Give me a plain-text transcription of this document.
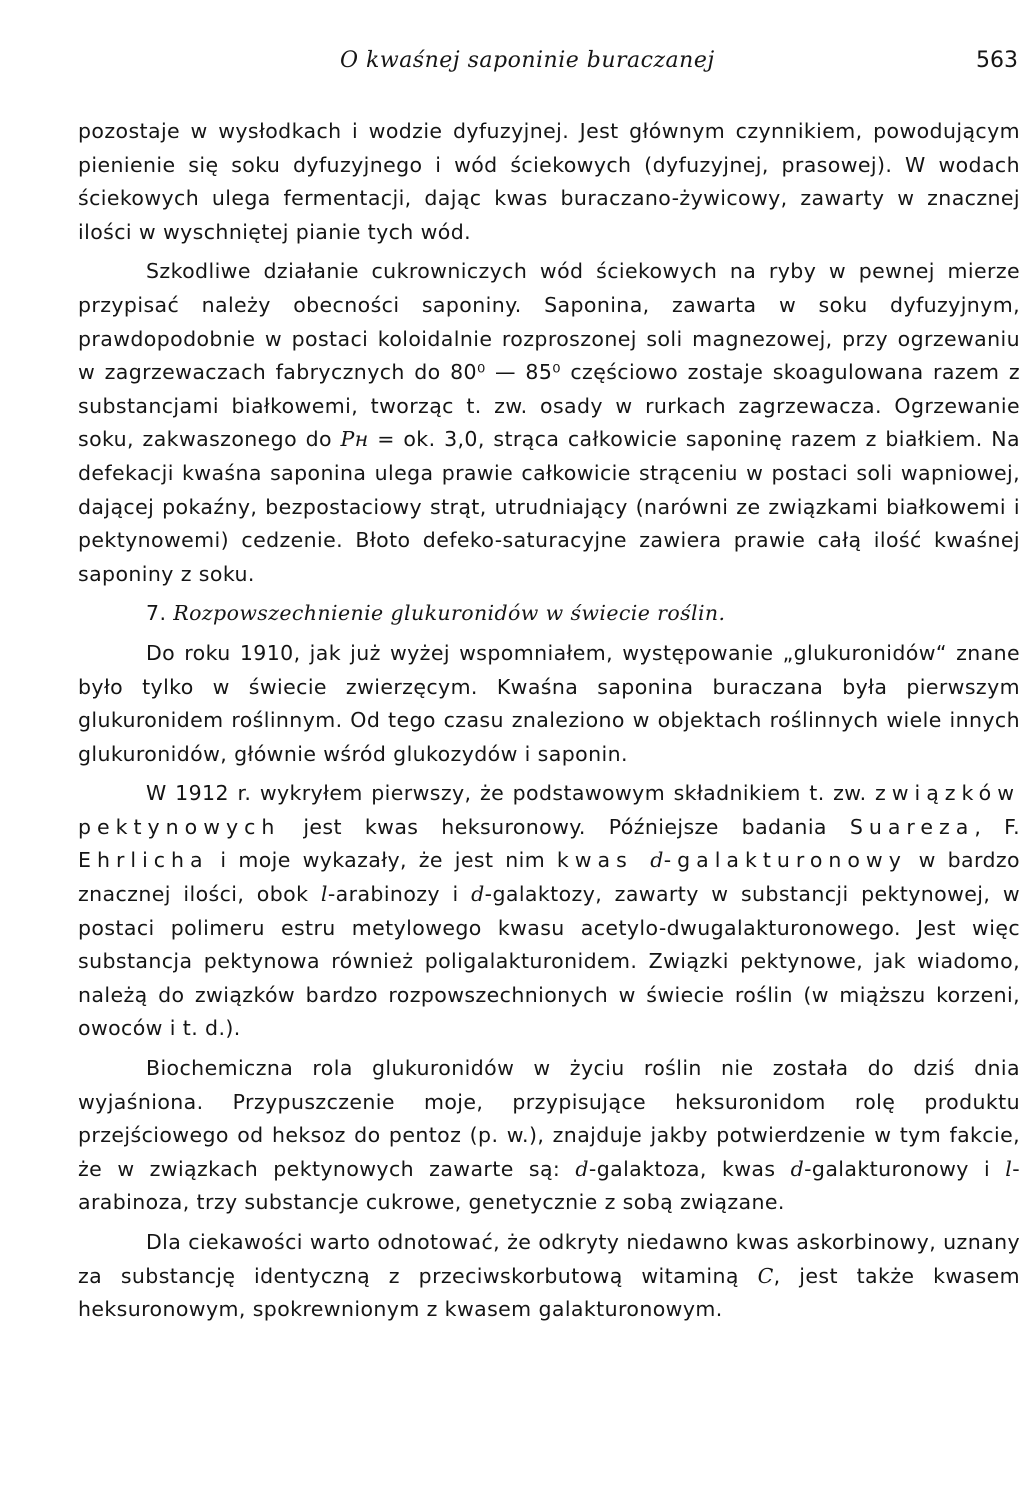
O kwaśnej saponinie buraczanej	563

pozostaje w wysłodkach i wodzie dyfuzyjnej. Jest głównym czynnikiem, powodującym pienienie się soku dyfuzyjnego i wód ściekowych (dyfuzyjnej, prasowej). W wodach ściekowych ulega fermentacji, dając kwas buraczano-żywicowy, zawarty w znacznej ilości w wyschniętej pianie tych wód.

Szkodliwe działanie cukrowniczych wód ściekowych na ryby w pewnej mierze przypisać należy obecności saponiny. Saponina, zawarta w soku dyfuzyjnym, prawdopodobnie w postaci koloidalnie rozproszonej soli magnezowej, przy ogrzewaniu w zagrzewaczach fabrycznych do 80⁰ — 85⁰ częściowo zostaje skoagulowana razem z substancjami białkowemi, tworząc t. zw. osady w rurkach zagrzewacza. Ogrzewanie soku, zakwaszonego do Pн = ok. 3,0, strąca całkowicie saponinę razem z białkiem. Na defekacji kwaśna saponina ulega prawie całkowicie strąceniu w postaci soli wapniowej, dającej pokaźny, bezpostaciowy strąt, utrudniający (narówni ze związkami białkowemi i pektynowemi) cedzenie. Błoto defeko-saturacyjne zawiera prawie całą ilość kwaśnej saponiny z soku.

7. Rozpowszechnienie glukuronidów w świecie roślin.

Do roku 1910, jak już wyżej wspomniałem, występowanie „glukuronidów“ znane było tylko w świecie zwierzęcym. Kwaśna saponina buraczana była pierwszym glukuronidem roślinnym. Od tego czasu znaleziono w objektach roślinnych wiele innych glukuronidów, głównie wśród glukozydów i saponin.

W 1912 r. wykryłem pierwszy, że podstawowym składnikiem t. zw. związków pektynowych jest kwas heksuronowy. Późniejsze badania Suareza, F. Ehrlicha i moje wykazały, że jest nim kwas d-galakturonowy w bardzo znacznej ilości, obok l-arabinozy i d-galaktozy, zawarty w substancji pektynowej, w postaci polimeru estru metylowego kwasu acetylo-dwugalakturonowego. Jest więc substancja pektynowa również poligalakturonidem. Związki pektynowe, jak wiadomo, należą do związków bardzo rozpowszechnionych w świecie roślin (w miąższu korzeni, owoców i t. d.).

Biochemiczna rola glukuronidów w życiu roślin nie została do dziś dnia wyjaśniona. Przypuszczenie moje, przypisujące heksuronidom rolę produktu przejściowego od heksoz do pentoz (p. w.), znajduje jakby potwierdzenie w tym fakcie, że w związkach pektynowych zawarte są: d-galaktoza, kwas d-galakturonowy i l-arabinoza, trzy substancje cukrowe, genetycznie z sobą związane.

Dla ciekawości warto odnotować, że odkryty niedawno kwas askorbinowy, uznany za substancję identyczną z przeciwskorbutową witaminą C, jest także kwasem heksuronowym, spokrewnionym z kwasem galakturonowym.
